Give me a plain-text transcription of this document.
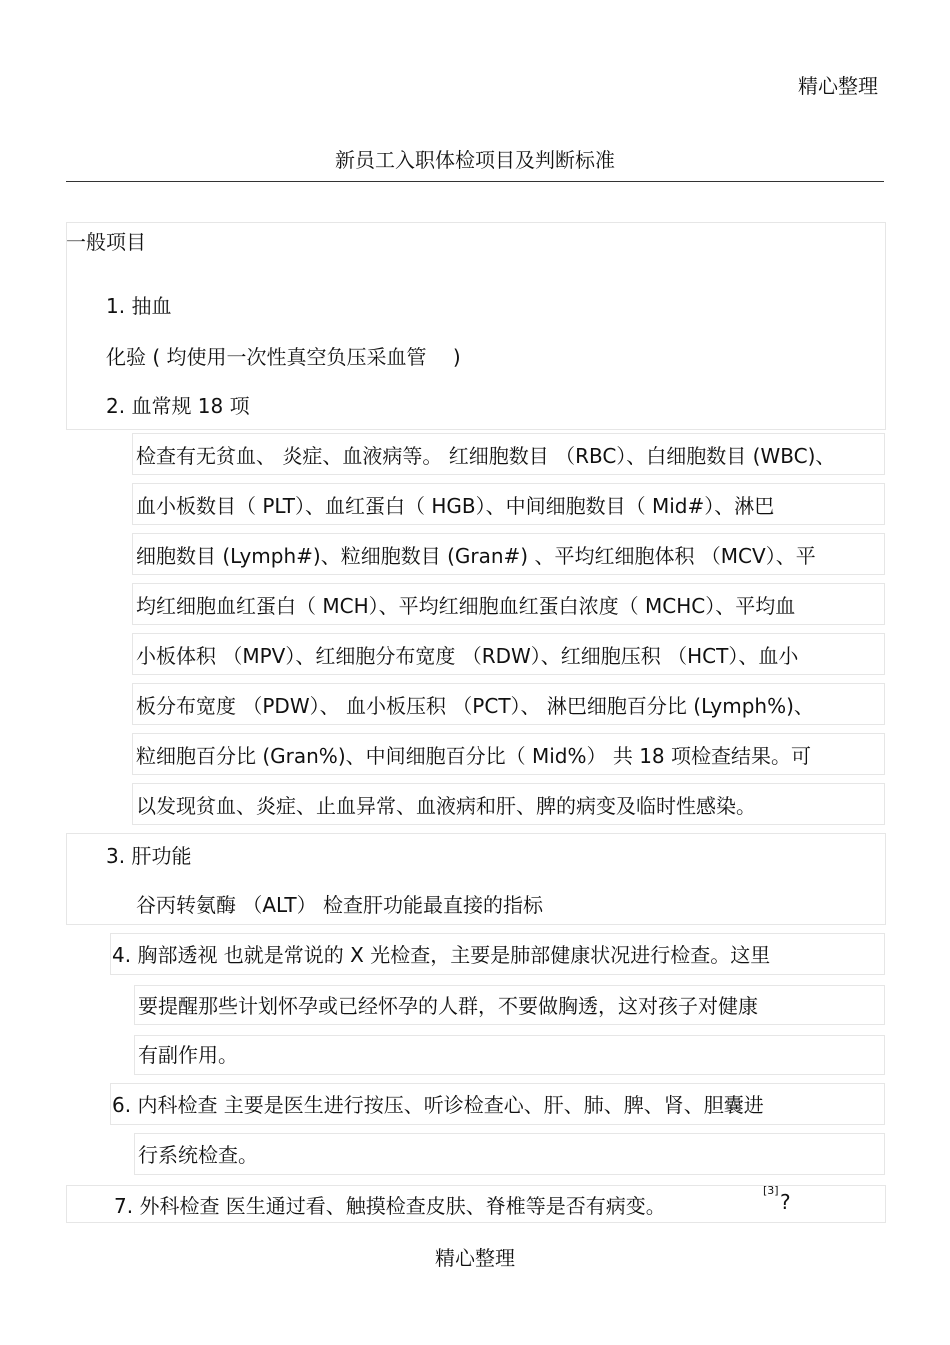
精心整理
新员工入职体检项目及判断标准
一般项目
1. 抽血
化验 ( 均使用一次性真空负压采血管　 )
2. 血常规 18 项
检查有无贫血、 炎症、血液病等。 红细胞数目 （RBC）、白细胞数目 (WBC)、
血小板数目（ PLT）、血红蛋白（ HGB）、中间细胞数目（ Mid#）、淋巴
细胞数目 (Lymph#)、粒细胞数目 (Gran#) 、平均红细胞体积 （MCV）、平
均红细胞血红蛋白（ MCH）、平均红细胞血红蛋白浓度（ MCHC）、平均血
小板体积 （MPV）、红细胞分布宽度 （RDW）、红细胞压积 （HCT）、血小
板分布宽度 （PDW）、 血小板压积 （PCT）、 淋巴细胞百分比 (Lymph%)、
粒细胞百分比 (Gran%)、中间细胞百分比（ Mid%） 共 18 项检查结果。可
以发现贫血、炎症、止血异常、血液病和肝、脾的病变及临时性感染。
3. 肝功能
谷丙转氨酶 （ALT） 检查肝功能最直接的指标
4. 胸部透视 也就是常说的 X 光检查，主要是肺部健康状况进行检查。这里
要提醒那些计划怀孕或已经怀孕的人群，不要做胸透，这对孩子对健康
有副作用。
6. 内科检查 主要是医生进行按压、听诊检查心、肝、肺、脾、肾、胆囊进
行系统检查。
7. 外科检查 医生通过看、触摸检查皮肤、脊椎等是否有病变。
[3] ?
精心整理
